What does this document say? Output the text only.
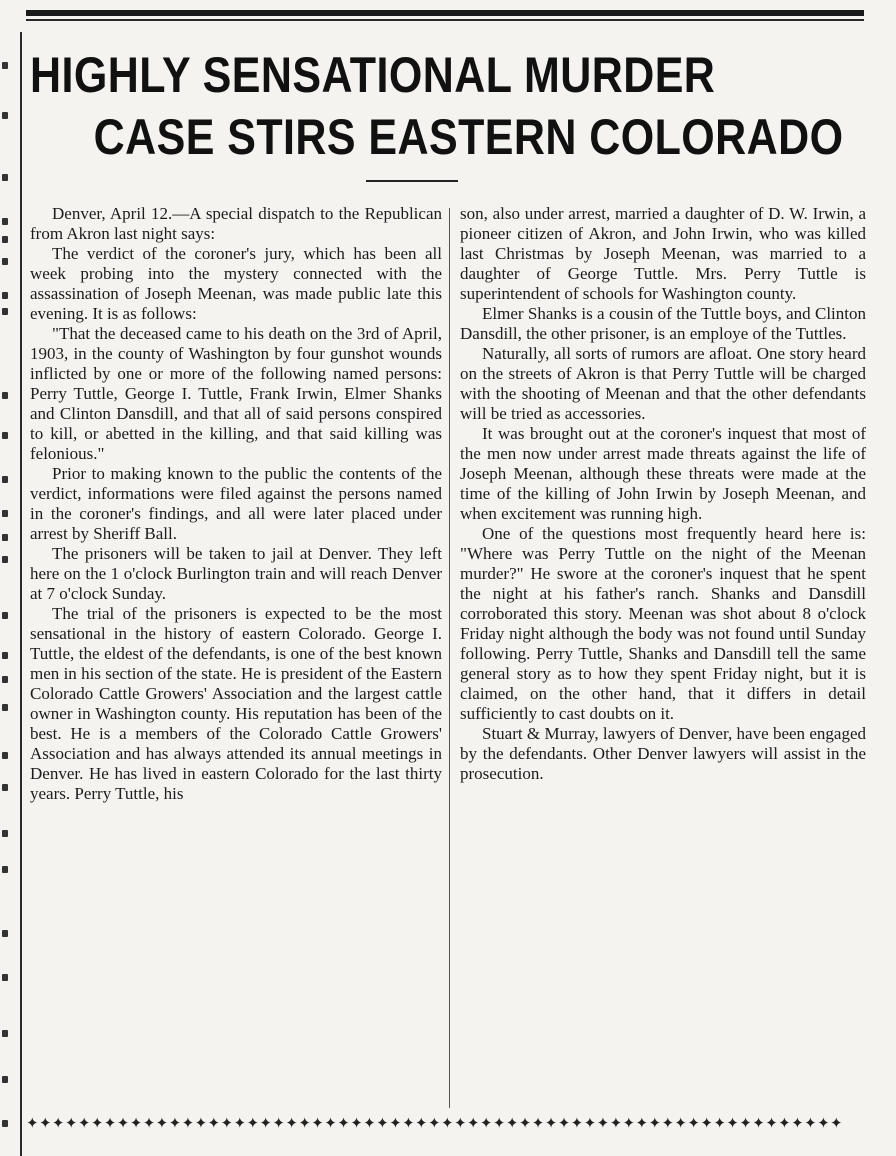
HIGHLY SENSATIONAL MURDER
CASE STIRS EASTERN COLORADO

Denver, April 12.—A special dispatch to the Republican from Akron last night says:

The verdict of the coroner's jury, which has been all week probing into the mystery connected with the assassination of Joseph Meenan, was made public late this evening. It is as follows:

"That the deceased came to his death on the 3rd of April, 1903, in the county of Washington by four gunshot wounds inflicted by one or more of the following named persons: Perry Tuttle, George I. Tuttle, Frank Irwin, Elmer Shanks and Clinton Dansdill, and that all of said persons conspired to kill, or abetted in the killing, and that said killing was felonious."

Prior to making known to the public the contents of the verdict, informations were filed against the persons named in the coroner's findings, and all were later placed under arrest by Sheriff Ball.

The prisoners will be taken to jail at Denver. They left here on the 1 o'clock Burlington train and will reach Denver at 7 o'clock Sunday.

The trial of the prisoners is expected to be the most sensational in the history of eastern Colorado. George I. Tuttle, the eldest of the defendants, is one of the best known men in his section of the state. He is president of the Eastern Colorado Cattle Growers' Association and the largest cattle owner in Washington county. His reputation has been of the best. He is a members of the Colorado Cattle Growers' Association and has always attended its annual meetings in Denver. He has lived in eastern Colorado for the last thirty years. Perry Tuttle, his

son, also under arrest, married a daughter of D. W. Irwin, a pioneer citizen of Akron, and John Irwin, who was killed last Christmas by Joseph Meenan, was married to a daughter of George Tuttle. Mrs. Perry Tuttle is superintendent of schools for Washington county.

Elmer Shanks is a cousin of the Tuttle boys, and Clinton Dansdill, the other prisoner, is an employe of the Tuttles.

Naturally, all sorts of rumors are afloat. One story heard on the streets of Akron is that Perry Tuttle will be charged with the shooting of Meenan and that the other defendants will be tried as accessories.

It was brought out at the coroner's inquest that most of the men now under arrest made threats against the life of Joseph Meenan, although these threats were made at the time of the killing of John Irwin by Joseph Meenan, and when excitement was running high.

One of the questions most frequently heard here is: "Where was Perry Tuttle on the night of the Meenan murder?" He swore at the coroner's inquest that he spent the night at his father's ranch. Shanks and Dansdill corroborated this story. Meenan was shot about 8 o'clock Friday night although the body was not found until Sunday following. Perry Tuttle, Shanks and Dansdill tell the same general story as to how they spent Friday night, but it is claimed, on the other hand, that it differs in detail sufficiently to cast doubts on it.

Stuart & Murray, lawyers of Denver, have been engaged by the defendants. Other Denver lawyers will assist in the prosecution.

✦✦✦✦✦✦✦✦✦✦✦✦✦✦✦✦✦✦✦✦✦✦✦✦✦✦✦✦✦✦✦✦✦✦✦✦✦✦✦✦✦✦✦✦✦✦✦✦✦✦✦✦✦✦✦✦✦✦✦✦✦✦✦
